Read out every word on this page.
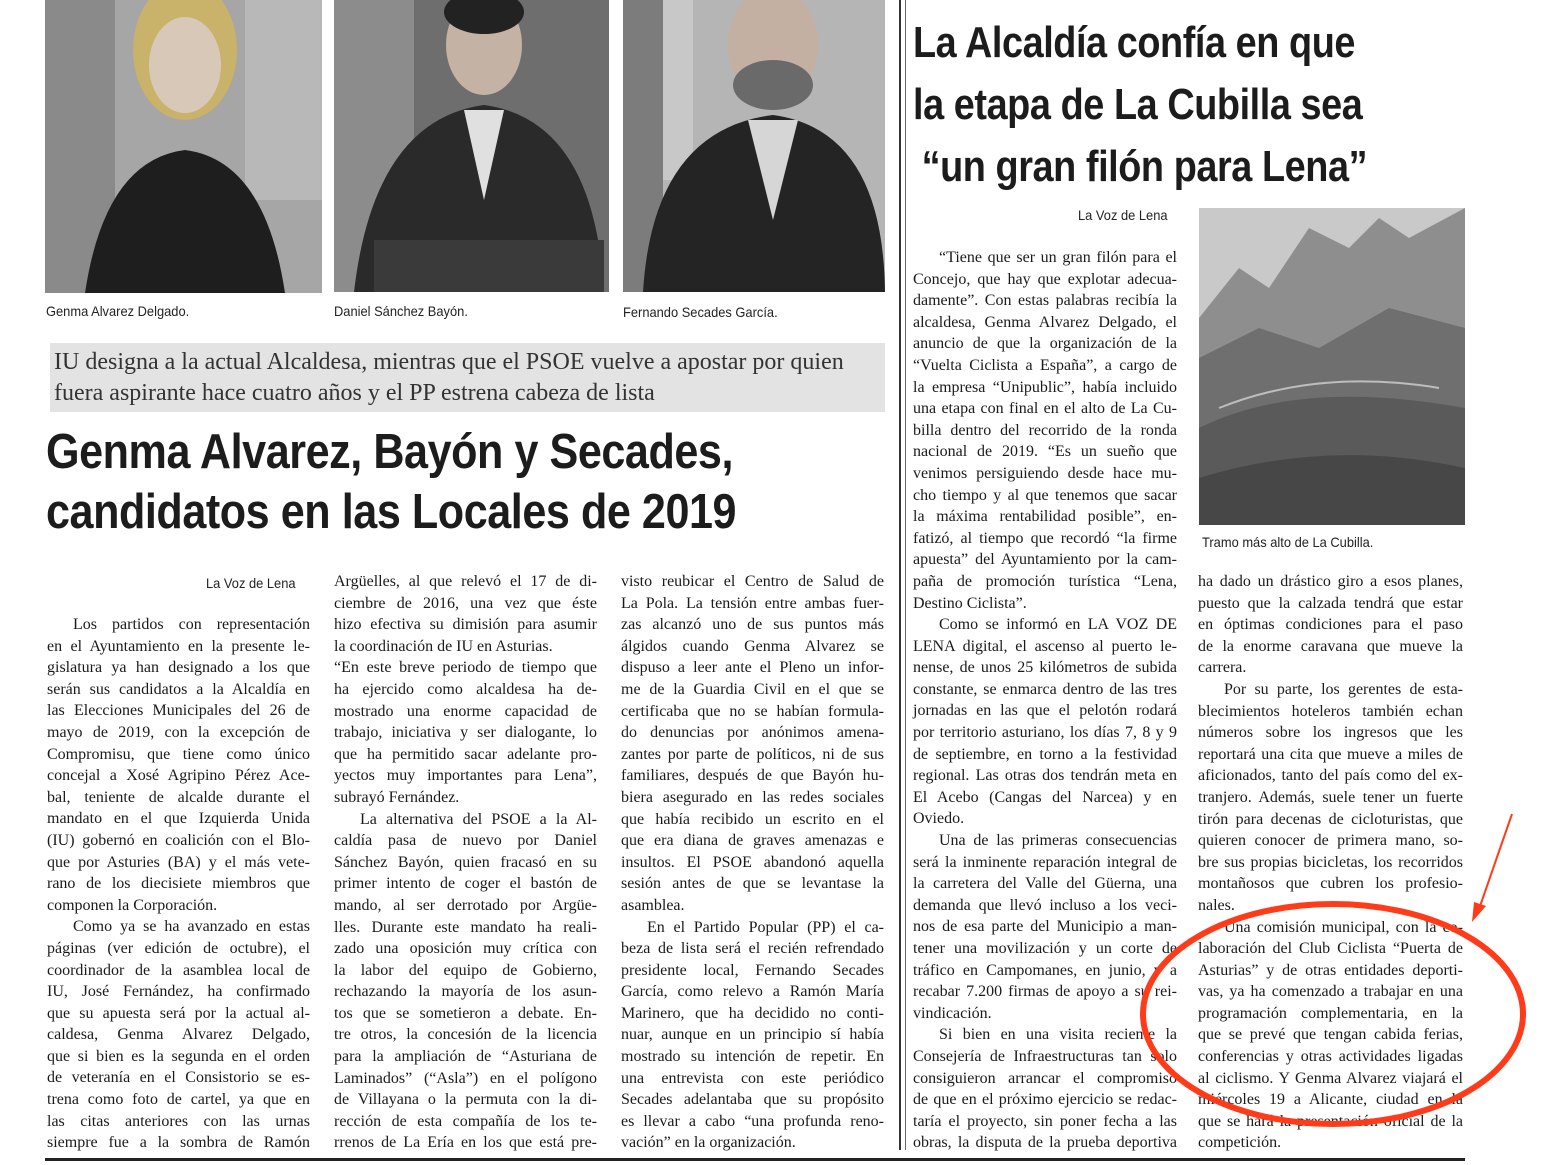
Genma Alvarez Delgado.	Daniel Sánchez Bayón.	Fernando Secades García.
IU designa a la actual Alcaldesa, mientras que el PSOE vuelve a apostar por quien
fuera aspirante hace cuatro años y el PP estrena cabeza de lista
Genma Alvarez, Bayón y Secades,
candidatos en las Locales de 2019
La Voz de Lena
Los partidos con representación
en el Ayuntamiento en la presente le-
gislatura ya han designado a los que
serán sus candidatos a la Alcaldía en
las Elecciones Municipales del 26 de
mayo de 2019, con la excepción de
Compromisu, que tiene como único
concejal a Xosé Agripino Pérez Ace-
bal, teniente de alcalde durante el
mandato en el que Izquierda Unida
(IU) gobernó en coalición con el Blo-
que por Asturies (BA) y el más vete-
rano de los diecisiete miembros que
componen la Corporación.
Como ya se ha avanzado en estas
páginas (ver edición de octubre), el
coordinador de la asamblea local de
IU, José Fernández, ha confirmado
que su apuesta será por la actual al-
caldesa, Genma Alvarez Delgado,
que si bien es la segunda en el orden
de veteranía en el Consistorio se es-
trena como foto de cartel, ya que en
las citas anteriores con las urnas
siempre fue a la sombra de Ramón
Argüelles, al que relevó el 17 de di-
ciembre de 2016, una vez que éste
hizo efectiva su dimisión para asumir
la coordinación de IU en Asturias.
“En este breve periodo de tiempo que
ha ejercido como alcaldesa ha de-
mostrado una enorme capacidad de
trabajo, iniciativa y ser dialogante, lo
que ha permitido sacar adelante pro-
yectos muy importantes para Lena”,
subrayó Fernández.
La alternativa del PSOE a la Al-
caldía pasa de nuevo por Daniel
Sánchez Bayón, quien fracasó en su
primer intento de coger el bastón de
mando, al ser derrotado por Argüe-
lles. Durante este mandato ha reali-
zado una oposición muy crítica con
la labor del equipo de Gobierno,
rechazando la mayoría de los asun-
tos que se sometieron a debate. En-
tre otros, la concesión de la licencia
para la ampliación de “Asturiana de
Laminados” (“Asla”) en el polígono
de Villayana o la permuta con la di-
rección de esta compañía de los te-
rrenos de La Ería en los que está pre-
visto reubicar el Centro de Salud de
La Pola. La tensión entre ambas fuer-
zas alcanzó uno de sus puntos más
álgidos cuando Genma Alvarez se
dispuso a leer ante el Pleno un infor-
me de la Guardia Civil en el que se
certificaba que no se habían formula-
do denuncias por anónimos amena-
zantes por parte de políticos, ni de sus
familiares, después de que Bayón hu-
biera asegurado en las redes sociales
que había recibido un escrito en el
que era diana de graves amenazas e
insultos. El PSOE abandonó aquella
sesión antes de que se levantase la
asamblea.
En el Partido Popular (PP) el ca-
beza de lista será el recién refrendado
presidente local, Fernando Secades
García, como relevo a Ramón María
Marinero, que ha decidido no conti-
nuar, aunque en un principio sí había
mostrado su intención de repetir. En
una entrevista con este periódico
Secades adelantaba que su propósito
es llevar a cabo “una profunda reno-
vación” en la organización.
La Alcaldía confía en que
la etapa de La Cubilla sea
“un gran filón para Lena”
La Voz de Lena
Tramo más alto de La Cubilla.
“Tiene que ser un gran filón para el
Concejo, que hay que explotar adecua-
damente”. Con estas palabras recibía la
alcaldesa, Genma Alvarez Delgado, el
anuncio de que la organización de la
“Vuelta Ciclista a España”, a cargo de
la empresa “Unipublic”, había incluido
una etapa con final en el alto de La Cu-
billa dentro del recorrido de la ronda
nacional de 2019. “Es un sueño que
venimos persiguiendo desde hace mu-
cho tiempo y al que tenemos que sacar
la máxima rentabilidad posible”, en-
fatizó, al tiempo que recordó “la firme
apuesta” del Ayuntamiento por la cam-
paña de promoción turística “Lena,
Destino Ciclista”.
Como se informó en LA VOZ DE
LENA digital, el ascenso al puerto le-
nense, de unos 25 kilómetros de subida
constante, se enmarca dentro de las tres
jornadas en las que el pelotón rodará
por territorio asturiano, los días 7, 8 y 9
de septiembre, en torno a la festividad
regional. Las otras dos tendrán meta en
El Acebo (Cangas del Narcea) y en
Oviedo.
Una de las primeras consecuencias
será la inminente reparación integral de
la carretera del Valle del Güerna, una
demanda que llevó incluso a los veci-
nos de esa parte del Municipio a man-
tener una movilización y un corte de
tráfico en Campomanes, en junio, y a
recabar 7.200 firmas de apoyo a su rei-
vindicación.
Si bien en una visita reciente la
Consejería de Infraestructuras tan solo
consiguieron arrancar el compromiso
de que en el próximo ejercicio se redac-
taría el proyecto, sin poner fecha a las
obras, la disputa de la prueba deportiva
ha dado un drástico giro a esos planes,
puesto que la calzada tendrá que estar
en óptimas condiciones para el paso
de la enorme caravana que mueve la
carrera.
Por su parte, los gerentes de esta-
blecimientos hoteleros también echan
números sobre los ingresos que les
reportará una cita que mueve a miles de
aficionados, tanto del país como del ex-
tranjero. Además, suele tener un fuerte
tirón para decenas de cicloturistas, que
quieren conocer de primera mano, so-
bre sus propias bicicletas, los recorridos
montañosos que cubren los profesio-
nales.
Una comisión municipal, con la co-
laboración del Club Ciclista “Puerta de
Asturias” y de otras entidades deporti-
vas, ya ha comenzado a trabajar en una
programación complementaria, en la
que se prevé que tengan cabida ferias,
conferencias y otras actividades ligadas
al ciclismo. Y Genma Alvarez viajará el
miércoles 19 a Alicante, ciudad en la
que se hará la presentación oficial de la
competición.
